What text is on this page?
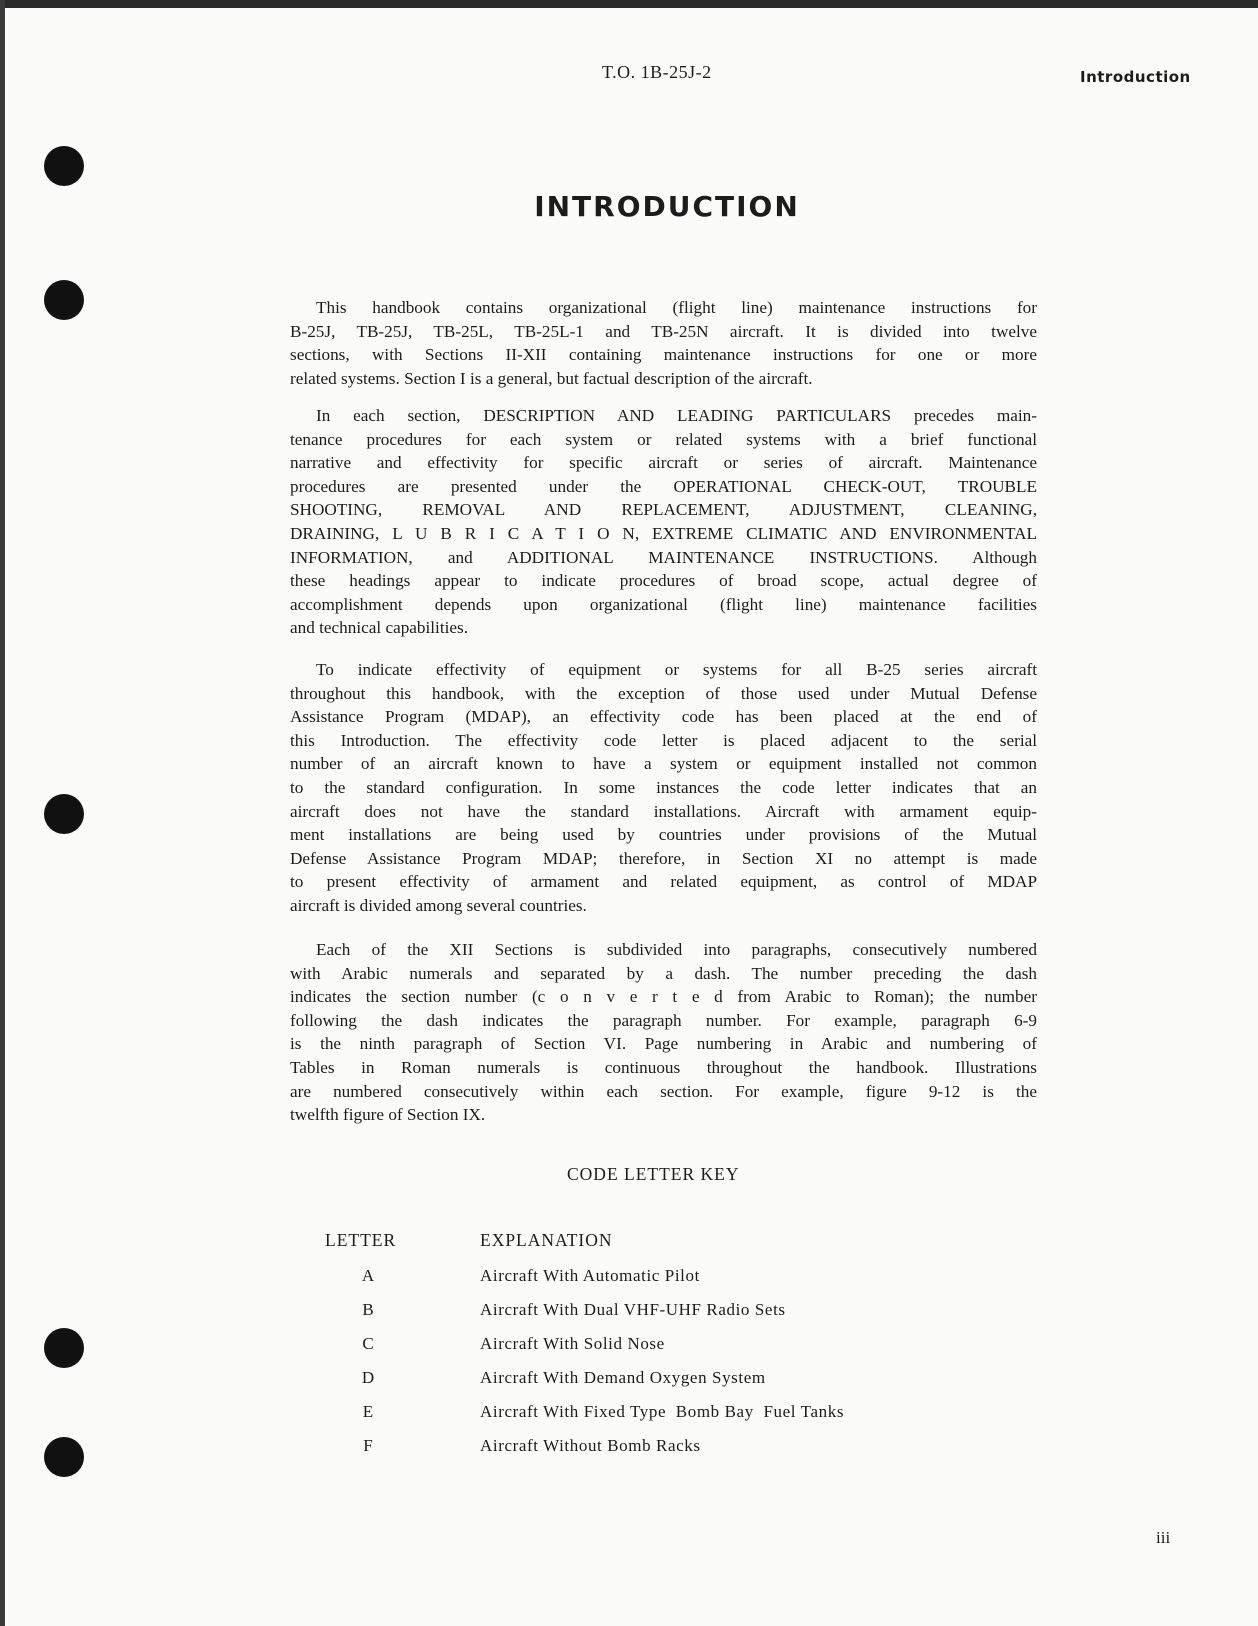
T.O. 1B-25J-2	Introduction
INTRODUCTION
This handbook contains organizational (flight line) maintenance instructions for
B-25J, TB-25J, TB-25L, TB-25L-1 and TB-25N aircraft. It is divided into twelve
sections, with Sections II-XII containing maintenance instructions for one or more
related systems. Section I is a general, but factual description of the aircraft.
In each section, DESCRIPTION AND LEADING PARTICULARS precedes main-
tenance procedures for each system or related systems with a brief functional
narrative and effectivity for specific aircraft or series of aircraft. Maintenance
procedures are presented under the OPERATIONAL CHECK-OUT, TROUBLE
SHOOTING, REMOVAL AND REPLACEMENT, ADJUSTMENT, CLEANING,
DRAINING, L U B R I C A T I O N, EXTREME CLIMATIC AND ENVIRONMENTAL
INFORMATION, and ADDITIONAL MAINTENANCE INSTRUCTIONS. Although
these headings appear to indicate procedures of broad scope, actual degree of
accomplishment depends upon organizational (flight line) maintenance facilities
and technical capabilities.
To indicate effectivity of equipment or systems for all B-25 series aircraft
throughout this handbook, with the exception of those used under Mutual Defense
Assistance Program (MDAP), an effectivity code has been placed at the end of
this Introduction. The effectivity code letter is placed adjacent to the serial
number of an aircraft known to have a system or equipment installed not common
to the standard configuration. In some instances the code letter indicates that an
aircraft does not have the standard installations. Aircraft with armament equip-
ment installations are being used by countries under provisions of the Mutual
Defense Assistance Program MDAP; therefore, in Section XI no attempt is made
to present effectivity of armament and related equipment, as control of MDAP
aircraft is divided among several countries.
Each of the XII Sections is subdivided into paragraphs, consecutively numbered
with Arabic numerals and separated by a dash. The number preceding the dash
indicates the section number (c o n v e r t e d from Arabic to Roman); the number
following the dash indicates the paragraph number. For example, paragraph 6-9
is the ninth paragraph of Section VI. Page numbering in Arabic and numbering of
Tables in Roman numerals is continuous throughout the handbook. Illustrations
are numbered consecutively within each section. For example, figure 9-12 is the
twelfth figure of Section IX.
CODE LETTER KEY
LETTER	EXPLANATION
A	Aircraft With Automatic Pilot
B	Aircraft With Dual VHF-UHF Radio Sets
C	Aircraft With Solid Nose
D	Aircraft With Demand Oxygen System
E	Aircraft With Fixed Type  Bomb Bay  Fuel Tanks
F	Aircraft Without Bomb Racks
iii
